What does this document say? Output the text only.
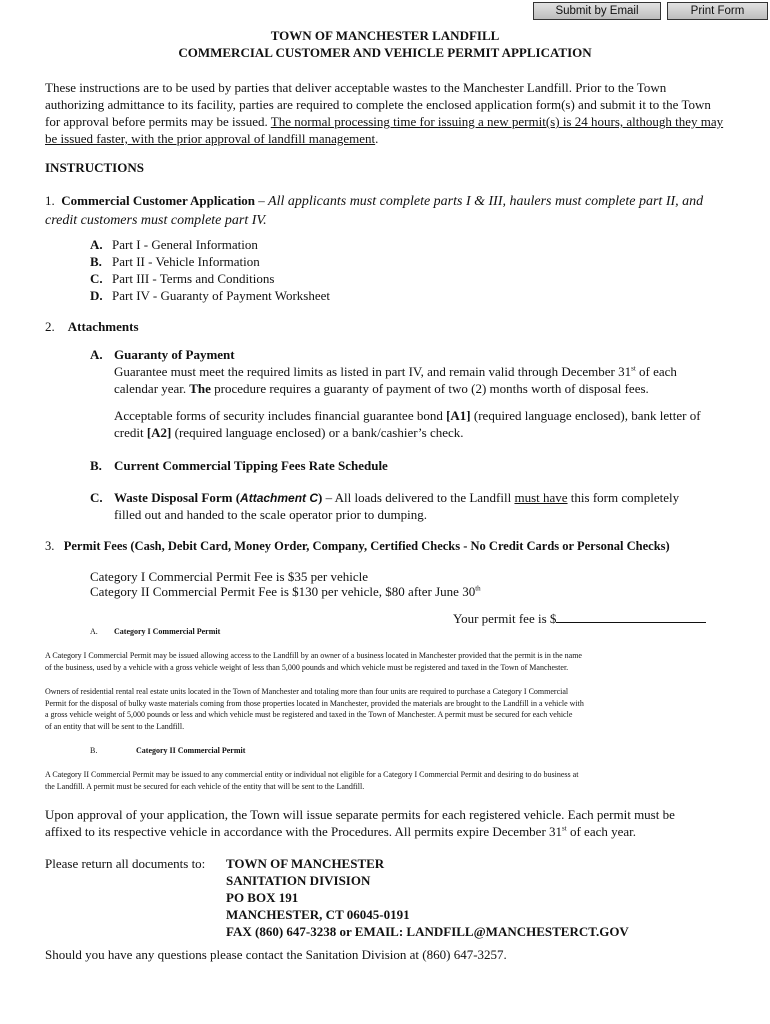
Submit by Email	Print Form
TOWN OF MANCHESTER LANDFILL
COMMERCIAL CUSTOMER AND VEHICLE PERMIT APPLICATION
These instructions are to be used by parties that deliver acceptable wastes to the Manchester Landfill. Prior to the Town authorizing admittance to its facility, parties are required to complete the enclosed application form(s) and submit it to the Town for approval before permits may be issued. The normal processing time for issuing a new permit(s) is 24 hours, although they may be issued faster, with the prior approval of landfill management.
INSTRUCTIONS
1. Commercial Customer Application – All applicants must complete parts I & III, haulers must complete part II, and credit customers must complete part IV.
A. Part I - General Information
B. Part II - Vehicle Information
C. Part III - Terms and Conditions
D. Part IV - Guaranty of Payment Worksheet
2. Attachments
A. Guaranty of Payment
Guarantee must meet the required limits as listed in part IV, and remain valid through December 31st of each
calendar year. The procedure requires a guaranty of payment of two (2) months worth of disposal fees.
Acceptable forms of security includes financial guarantee bond [A1] (required language enclosed), bank letter of
credit [A2] (required language enclosed) or a bank/cashier’s check.
B. Current Commercial Tipping Fees Rate Schedule
C. Waste Disposal Form (Attachment C) – All loads delivered to the Landfill must have this form completely
filled out and handed to the scale operator prior to dumping.
3. Permit Fees (Cash, Debit Card, Money Order, Company, Certified Checks - No Credit Cards or Personal Checks)
Category I Commercial Permit Fee is $35 per vehicle
Category II Commercial Permit Fee is $130 per vehicle, $80 after June 30th
Your permit fee is $
A. Category I Commercial Permit
A Category I Commercial Permit may be issued allowing access to the Landfill by an owner of a business located in Manchester provided that the permit is in the name
of the business, used by a vehicle with a gross vehicle weight of less than 5,000 pounds and which vehicle must be registered and taxed in the Town of Manchester.
Owners of residential rental real estate units located in the Town of Manchester and totaling more than four units are required to purchase a Category I Commercial
Permit for the disposal of bulky waste materials coming from those properties located in Manchester, provided the materials are brought to the Landfill in a vehicle with
a gross vehicle weight of 5,000 pounds or less and which vehicle must be registered and taxed in the Town of Manchester. A permit must be secured for each vehicle
of an entity that will be sent to the Landfill.
B.	Category II Commercial Permit
A Category II Commercial Permit may be issued to any commercial entity or individual not eligible for a Category I Commercial Permit and desiring to do business at
the Landfill. A permit must be secured for each vehicle of the entity that will be sent to the Landfill.
Upon approval of your application, the Town will issue separate permits for each registered vehicle. Each permit must be
affixed to its respective vehicle in accordance with the Procedures. All permits expire December 31st of each year.
Please return all documents to: TOWN OF MANCHESTER
SANITATION DIVISION
PO BOX 191
MANCHESTER, CT 06045-0191
FAX (860) 647-3238 or EMAIL: LANDFILL@MANCHESTERCT.GOV
Should you have any questions please contact the Sanitation Division at (860) 647-3257.
